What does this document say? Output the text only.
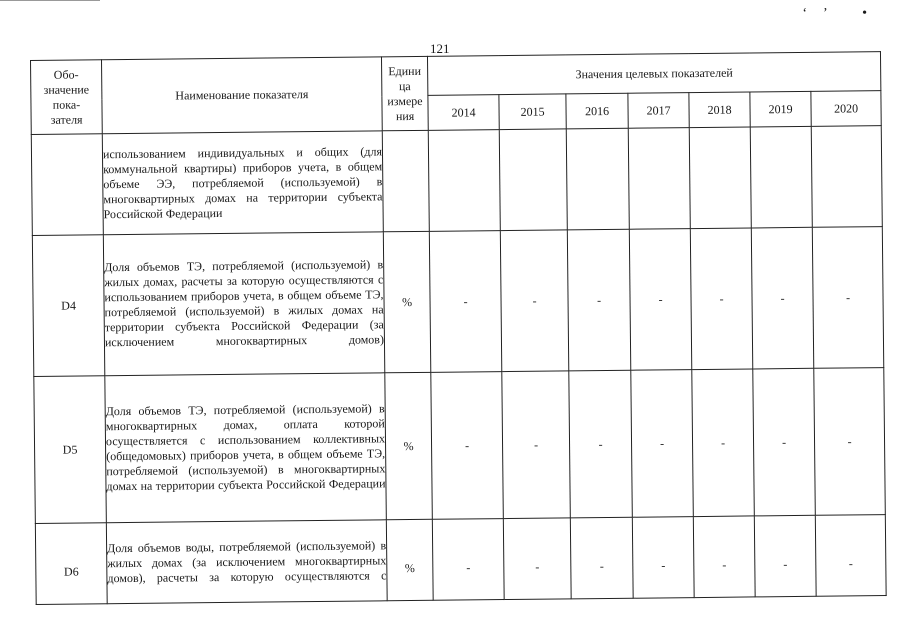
‘’ •
121
Обо-
значение
пока-
зателя	Наименование показателя	Едини
ца
измере
ния	Значения целевых показателей						
			2014	2015	2016	2017	2018	2019	2020
	использованием индивидуальных и общих (для коммунальной квартиры) приборов учета, в общем объеме ЭЭ, потребляемой (используемой) в многоквартирных домах на территории субъекта Российской Федерации								
D4	Доля объемов ТЭ, потребляемой (используемой) в жилых домах, расчеты за которую осуществляются с использованием приборов учета, в общем объеме ТЭ, потребляемой (используемой) в жилых домах на территории субъекта Российской Федерации (за исключением многоквартирных домов)	%	-	-	-	-	-	-	-
D5	Доля объемов ТЭ, потребляемой (используемой) в многоквартирных домах, оплата которой осуществляется с использованием коллективных (общедомовых) приборов учета, в общем объеме ТЭ, потребляемой (используемой) в многоквартирных домах на территории субъекта Российской Федерации	%	-	-	-	-	-	-	-
D6	Доля объемов воды, потребляемой (используемой) в жилых домах (за исключением многоквартирных домов), расчеты за которую осуществляются с	%	-	-	-	-	-	-	-
